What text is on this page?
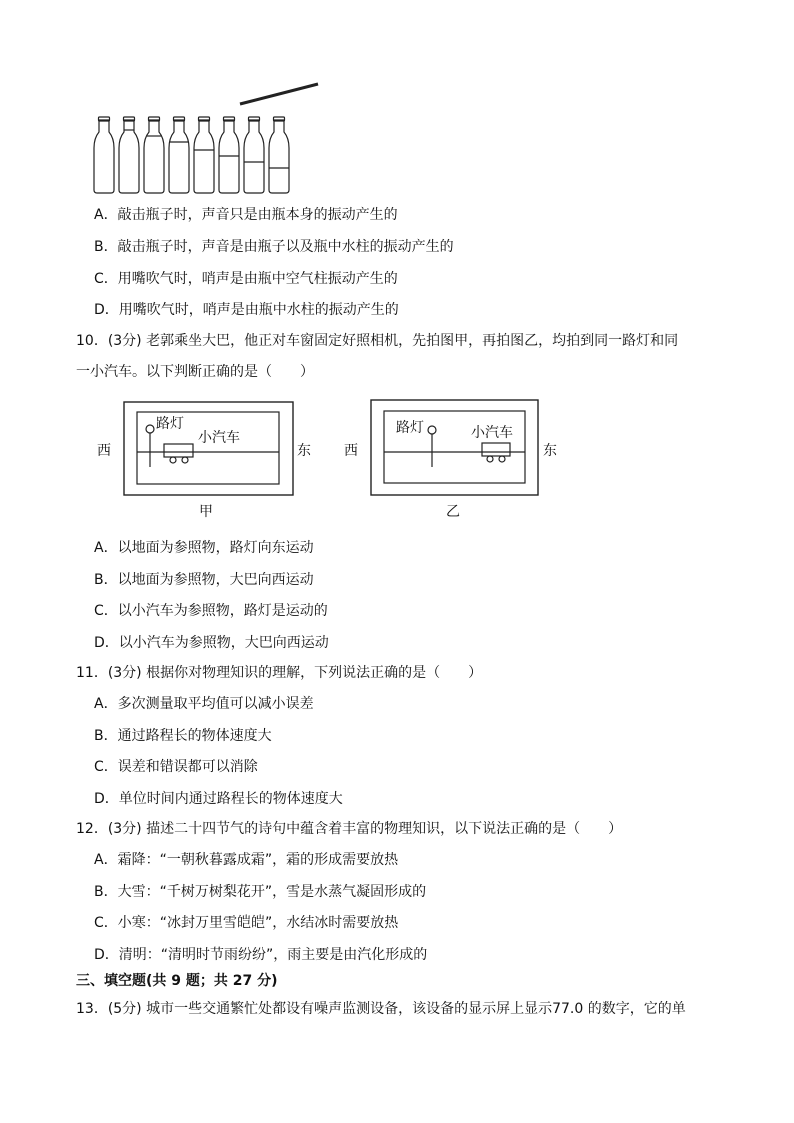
A．敲击瓶子时，声音只是由瓶本身的振动产生的
B．敲击瓶子时，声音是由瓶子以及瓶中水柱的振动产生的
C．用嘴吹气时，哨声是由瓶中空气柱振动产生的
D．用嘴吹气时，哨声是由瓶中水柱的振动产生的
10．(3分) 老郭乘坐大巴，他正对车窗固定好照相机，先拍图甲，再拍图乙，均拍到同一路灯和同
一小汽车。以下判断正确的是（　　）
西	东
路灯
小汽车
甲
西	东
路灯	小汽车
乙
A．以地面为参照物，路灯向东运动
B．以地面为参照物，大巴向西运动
C．以小汽车为参照物，路灯是运动的
D．以小汽车为参照物，大巴向西运动
11．(3分) 根据你对物理知识的理解，下列说法正确的是（　　）
A．多次测量取平均值可以减小误差
B．通过路程长的物体速度大
C．误差和错误都可以消除
D．单位时间内通过路程长的物体速度大
12．(3分) 描述二十四节气的诗句中蕴含着丰富的物理知识，以下说法正确的是（　　）
A．霜降：“一朝秋暮露成霜”，霜的形成需要放热
B．大雪：“千树万树梨花开”，雪是水蒸气凝固形成的
C．小寒：“冰封万里雪皑皑”，水结冰时需要放热
D．清明：“清明时节雨纷纷”，雨主要是由汽化形成的
三、填空题(共 9 题；共 27 分)
13．(5分) 城市一些交通繁忙处都设有噪声监测设备，该设备的显示屏上显示77.0 的数字，它的单
